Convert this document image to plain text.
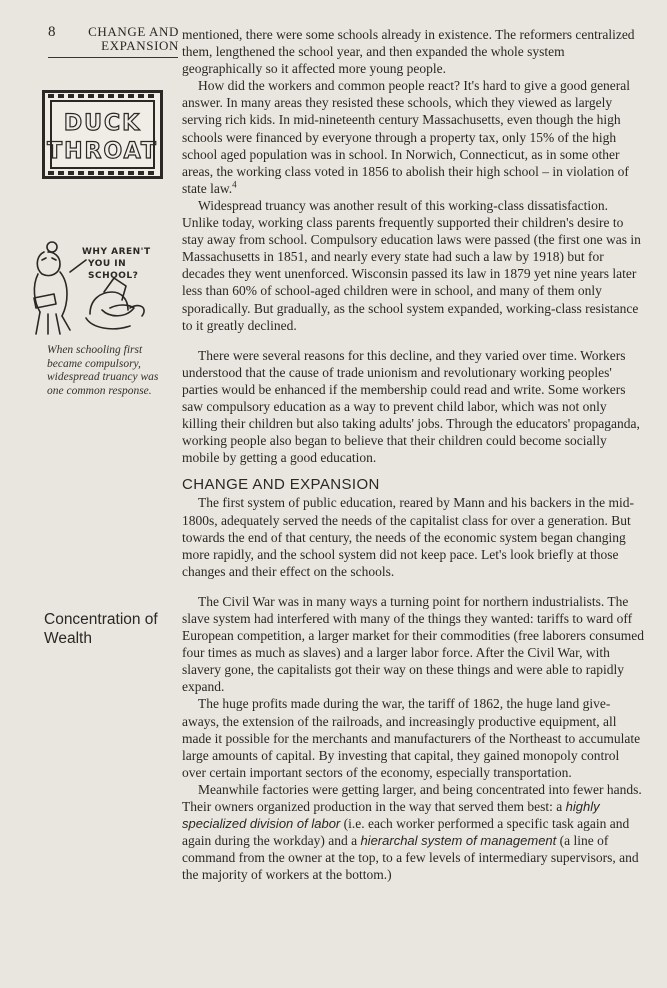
8	CHANGE AND
EXPANSION
DUCK
THROAT
WHY AREN'T
YOU IN SCHOOL?
When schooling first became compulsory, widespread truancy was one common response.
Concentration of Wealth

mentioned, there were some schools already in existence. The reformers centralized them, lengthened the school year, and then expanded the whole system geographically so it affected more young people.

How did the workers and common people react? It's hard to give a good general answer. In many areas they resisted these schools, which they viewed as largely serving rich kids. In mid-nineteenth century Massachusetts, even though the high schools were financed by everyone through a property tax, only 15% of the high school aged population was in school. In Norwich, Connecticut, as in some other areas, the working class voted in 1856 to abolish their high school – in violation of state law.$^4$

Widespread truancy was another result of this working-class dissatisfaction. Unlike today, working class parents frequently supported their children's desire to stay away from school. Compulsory education laws were passed (the first one was in Massachusetts in 1851, and nearly every state had such a law by 1918) but for decades they went unenforced. Wisconsin passed its law in 1879 yet nine years later less than 60% of school-aged children were in school, and many of them only sporadically. But gradually, as the school system expanded, working-class resistance to it greatly declined.

There were several reasons for this decline, and they varied over time. Workers understood that the cause of trade unionism and revolutionary working peoples' parties would be enhanced if the membership could read and write. Some workers saw compulsory education as a way to prevent child labor, which was not only killing their children but also taking adults' jobs. Through the educators' propaganda, working people also began to believe that their children could become socially mobile by getting a good education.

CHANGE AND EXPANSION

The first system of public education, reared by Mann and his backers in the mid-1800s, adequately served the needs of the capitalist class for over a generation. But towards the end of that century, the needs of the economic system began changing more rapidly, and the school system did not keep pace. Let's look briefly at those changes and their effect on the schools.

The Civil War was in many ways a turning point for northern industrialists. The slave system had interfered with many of the things they wanted: tariffs to ward off European competition, a larger market for their commodities (free laborers consumed four times as much as slaves) and a larger labor force. After the Civil War, with slavery gone, the capitalists got their way on these things and were able to rapidly expand.

The huge profits made during the war, the tariff of 1862, the huge land give-aways, the extension of the railroads, and increasingly productive equipment, all made it possible for the merchants and manufacturers of the Northeast to accumulate large amounts of capital. By investing that capital, they gained monopoly control over certain important sectors of the economy, especially transportation.

Meanwhile factories were getting larger, and being concentrated into fewer hands. Their owners organized production in the way that served them best: a highly specialized division of labor (i.e. each worker performed a specific task again and again during the workday) and a hierarchal system of management (a line of command from the owner at the top, to a few levels of intermediary supervisors, and the majority of workers at the bottom.)
